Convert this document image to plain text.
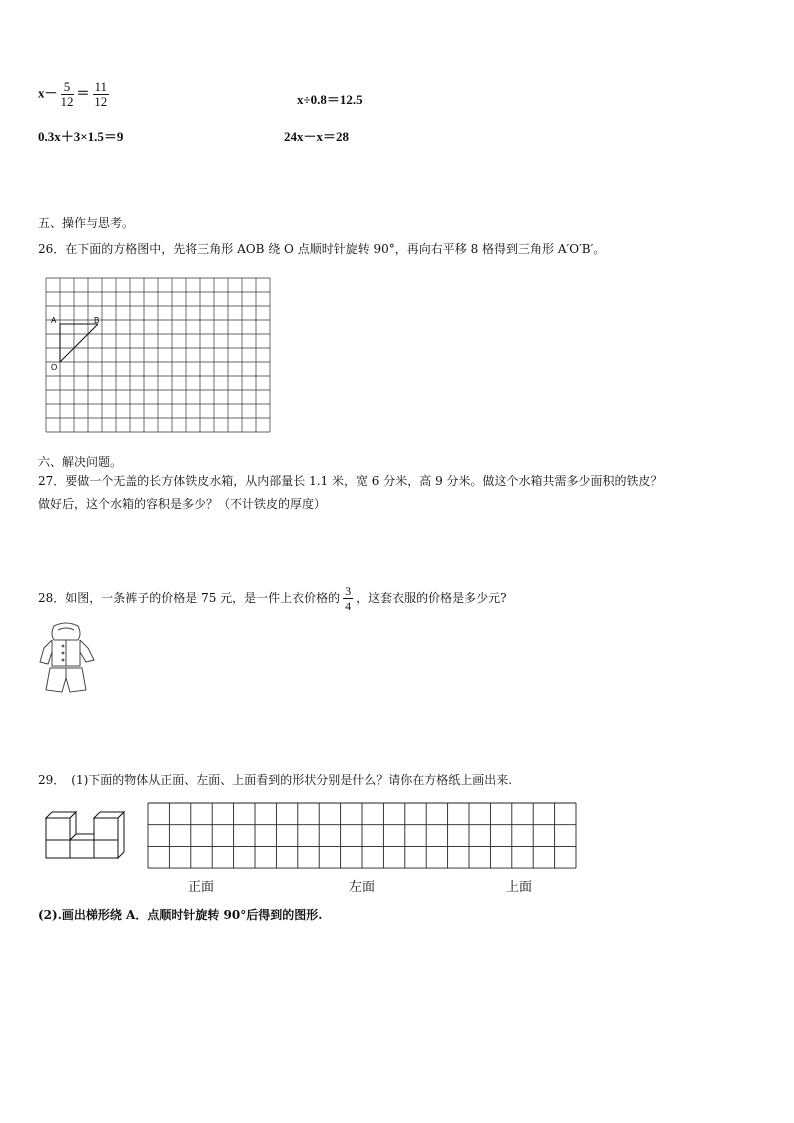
$x- \frac{5}{12} = \frac{11}{12}$	x÷0.8＝12.5
0.3x＋3×1.5＝9	24x－x＝28
五、操作与思考。
26．在下面的方格图中，先将三角形 AOB 绕 O 点顺时针旋转 90°，再向右平移 8 格得到三角形 A′O′B′。
A	B
O
六、解决问题。
27．要做一个无盖的长方体铁皮水箱，从内部量长 1.1 米，宽 6 分米，高 9 分米。做这个水箱共需多少面积的铁皮？
做好后，这个水箱的容积是多少？（不计铁皮的厚度）
28．如图，一条裤子的价格是 75 元，是一件上衣价格的 $\frac{3}{4}$ ，这套衣服的价格是多少元?
29．　(1)下面的物体从正面、左面、上面看到的形状分别是什么？请你在方格纸上画出来.
正面	左面	上面
(2).画出梯形绕 A．点顺时针旋转 90°后得到的图形.
